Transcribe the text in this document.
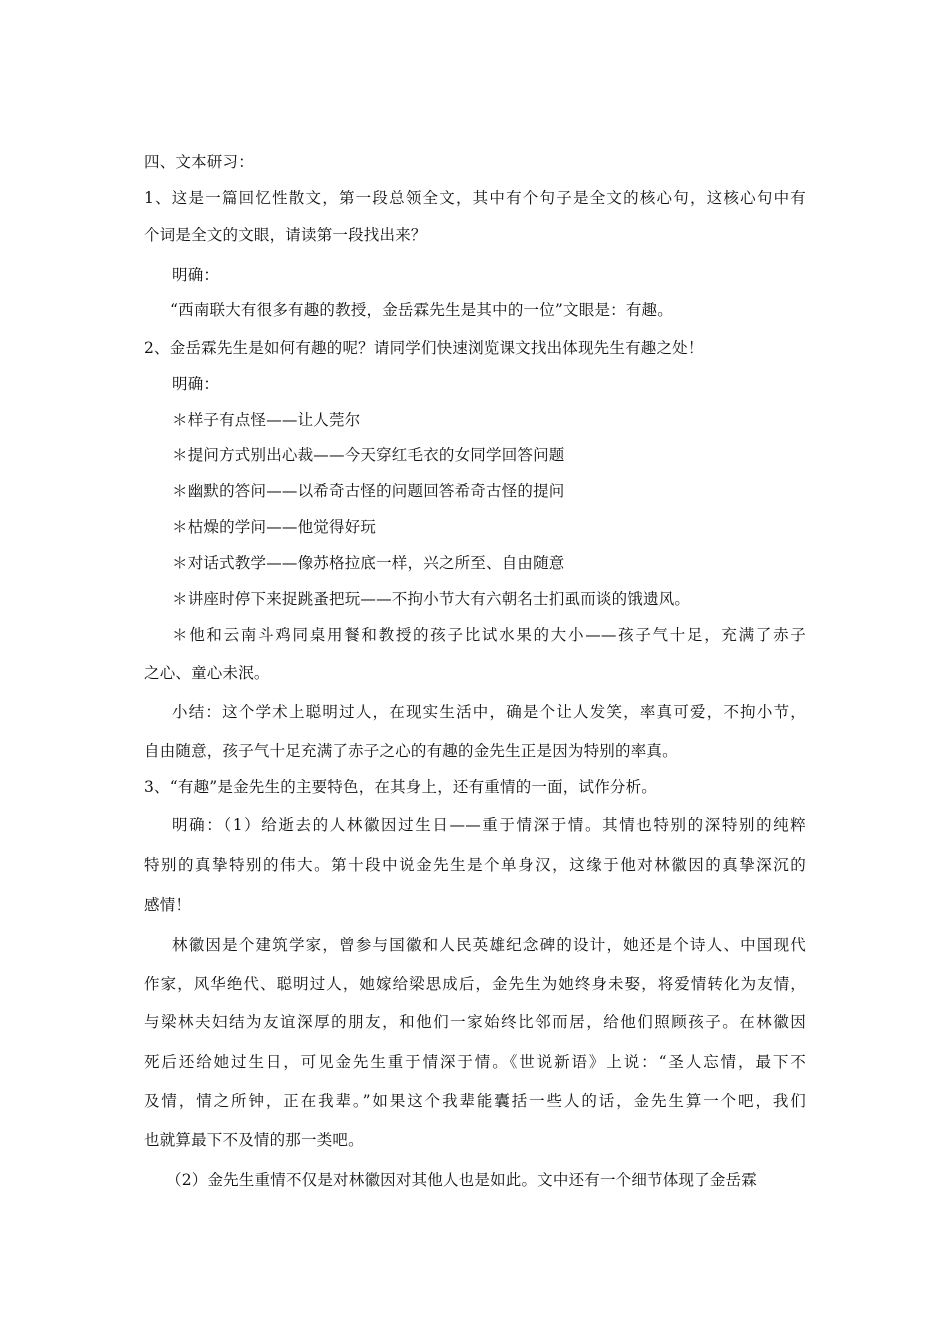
四、文本研习：
1、这是一篇回忆性散文，第一段总领全文，其中有个句子是全文的核心句，这核心句中有
个词是全文的文眼，请读第一段找出来？
明确：
“西南联大有很多有趣的教授，金岳霖先生是其中的一位”文眼是：有趣。
2、金岳霖先生是如何有趣的呢？请同学们快速浏览课文找出体现先生有趣之处！
明确：
＊样子有点怪——让人莞尔
＊提问方式别出心裁——今天穿红毛衣的女同学回答问题
＊幽默的答问——以希奇古怪的问题回答希奇古怪的提问
＊枯燥的学问——他觉得好玩
＊对话式教学——像苏格拉底一样，兴之所至、自由随意
＊讲座时停下来捉跳蚤把玩——不拘小节大有六朝名士扪虱而谈的饿遗风。
＊他和云南斗鸡同桌用餐和教授的孩子比试水果的大小——孩子气十足，充满了赤子
之心、童心未泯。
小结：这个学术上聪明过人，在现实生活中，确是个让人发笑，率真可爱，不拘小节，
自由随意，孩子气十足充满了赤子之心的有趣的金先生正是因为特别的率真。
3、“有趣”是金先生的主要特色，在其身上，还有重情的一面，试作分析。
明确：（1）给逝去的人林徽因过生日——重于情深于情。其情也特别的深特别的纯粹
特别的真挚特别的伟大。第十段中说金先生是个单身汉，这缘于他对林徽因的真挚深沉的
感情！
林徽因是个建筑学家，曾参与国徽和人民英雄纪念碑的设计，她还是个诗人、中国现代
作家，风华绝代、聪明过人，她嫁给梁思成后，金先生为她终身未娶，将爱情转化为友情，
与梁林夫妇结为友谊深厚的朋友，和他们一家始终比邻而居，给他们照顾孩子。在林徽因
死后还给她过生日，可见金先生重于情深于情。《世说新语》上说：“圣人忘情，最下不
及情，情之所钟，正在我辈。”如果这个我辈能囊括一些人的话，金先生算一个吧，我们
也就算最下不及情的那一类吧。
（2）金先生重情不仅是对林徽因对其他人也是如此。文中还有一个细节体现了金岳霖
